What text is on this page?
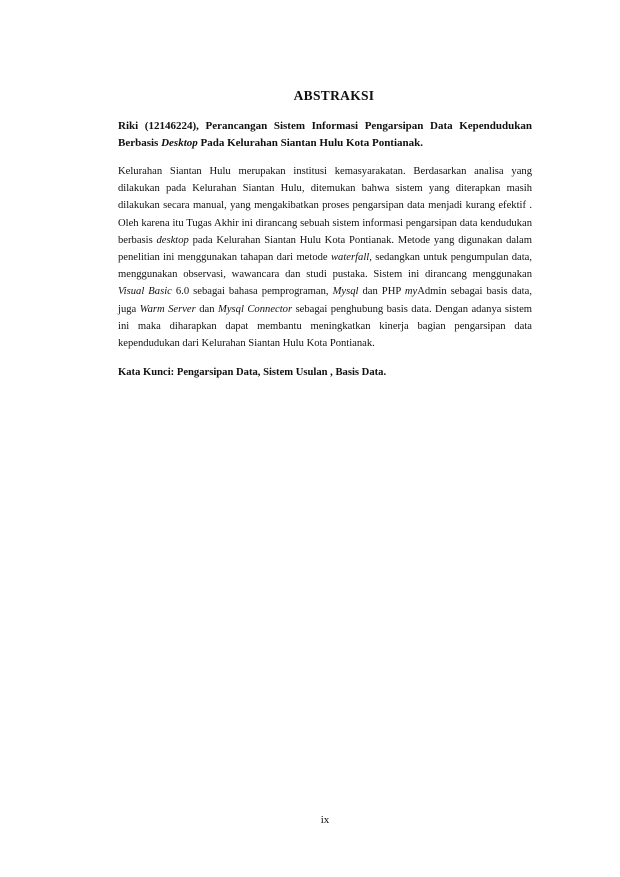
ABSTRAKSI

Riki (12146224), Perancangan Sistem Informasi Pengarsipan Data Kependudukan Berbasis Desktop Pada Kelurahan Siantan Hulu Kota Pontianak.

Kelurahan Siantan Hulu merupakan institusi kemasyarakatan. Berdasarkan analisa yang dilakukan pada Kelurahan Siantan Hulu, ditemukan bahwa sistem yang diterapkan masih dilakukan secara manual, yang mengakibatkan proses pengarsipan data menjadi kurang efektif . Oleh karena itu Tugas Akhir ini dirancang sebuah sistem informasi pengarsipan data kendudukan berbasis desktop pada Kelurahan Siantan Hulu Kota Pontianak. Metode yang digunakan dalam penelitian ini menggunakan tahapan dari metode waterfall, sedangkan untuk pengumpulan data, menggunakan observasi, wawancara dan studi pustaka. Sistem ini dirancang menggunakan Visual Basic 6.0 sebagai bahasa pemprograman, Mysql dan PHP myAdmin sebagai basis data, juga Warm Server dan Mysql Connector sebagai penghubung basis data. Dengan adanya sistem ini maka diharapkan dapat membantu meningkatkan kinerja bagian pengarsipan data kependudukan dari Kelurahan Siantan Hulu Kota Pontianak.

Kata Kunci: Pengarsipan Data, Sistem Usulan , Basis Data.

ix
